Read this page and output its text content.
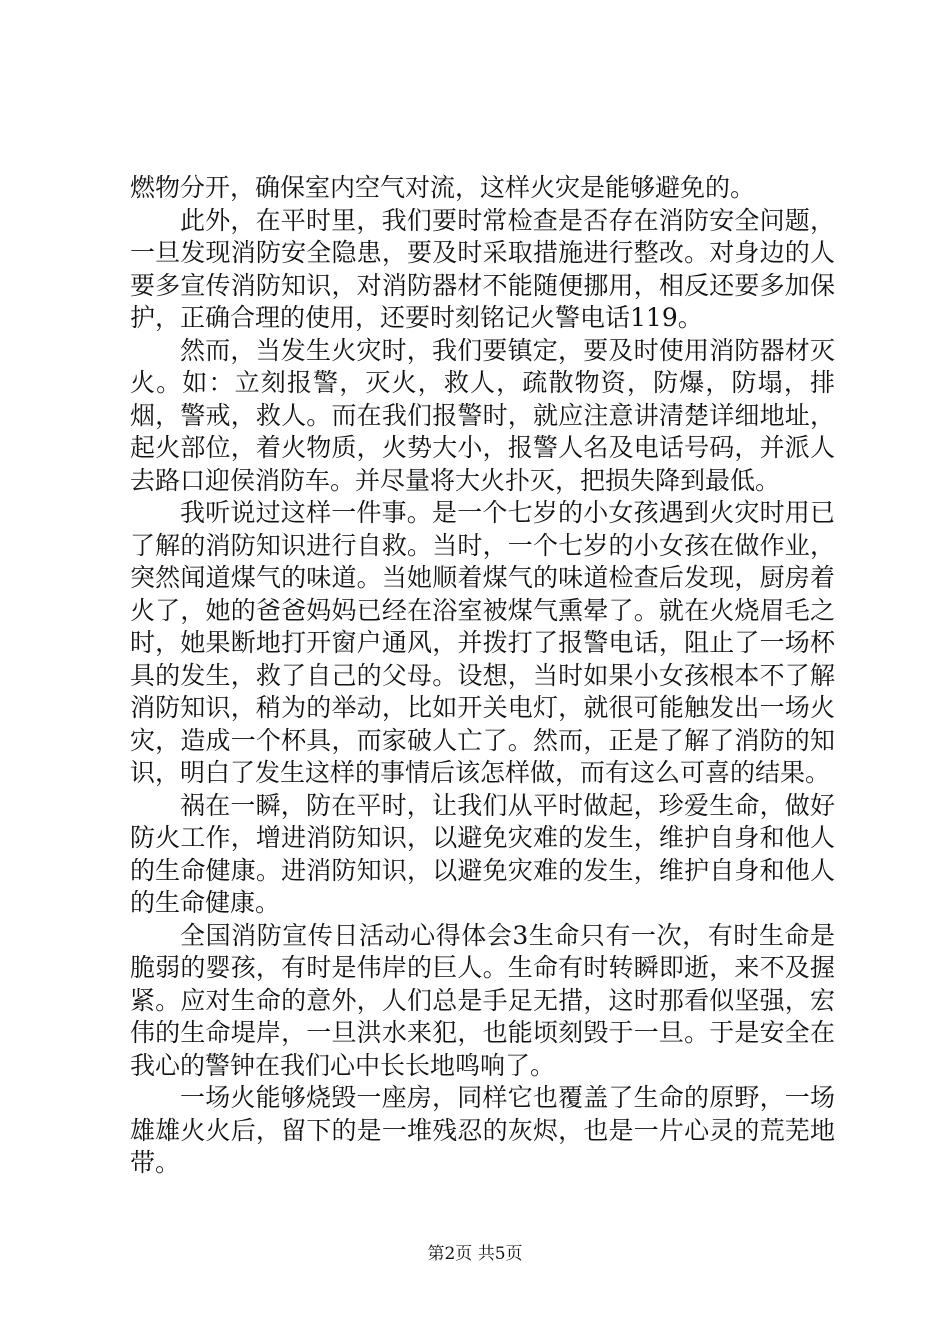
燃物分开，确保室内空气对流，这样火灾是能够避免的。

此外，在平时里，我们要时常检查是否存在消防安全问题，一旦发现消防安全隐患，要及时采取措施进行整改。对身边的人要多宣传消防知识，对消防器材不能随便挪用，相反还要多加保护，正确合理的使用，还要时刻铭记火警电话119。

然而，当发生火灾时，我们要镇定，要及时使用消防器材灭火。如：立刻报警，灭火，救人，疏散物资，防爆，防塌，排烟，警戒，救人。而在我们报警时，就应注意讲清楚详细地址，起火部位，着火物质，火势大小，报警人名及电话号码，并派人去路口迎侯消防车。并尽量将大火扑灭，把损失降到最低。

我听说过这样一件事。是一个七岁的小女孩遇到火灾时用已了解的消防知识进行自救。当时，一个七岁的小女孩在做作业，突然闻道煤气的味道。当她顺着煤气的味道检查后发现，厨房着火了，她的爸爸妈妈已经在浴室被煤气熏晕了。就在火烧眉毛之时，她果断地打开窗户通风，并拨打了报警电话，阻止了一场杯具的发生，救了自己的父母。设想，当时如果小女孩根本不了解消防知识，稍为的举动，比如开关电灯，就很可能触发出一场火灾，造成一个杯具，而家破人亡了。然而，正是了解了消防的知识，明白了发生这样的事情后该怎样做，而有这么可喜的结果。

祸在一瞬，防在平时，让我们从平时做起，珍爱生命，做好防火工作，增进消防知识，以避免灾难的发生，维护自身和他人的生命健康。进消防知识，以避免灾难的发生，维护自身和他人的生命健康。

全国消防宣传日活动心得体会3生命只有一次，有时生命是脆弱的婴孩，有时是伟岸的巨人。生命有时转瞬即逝，来不及握紧。应对生命的意外，人们总是手足无措，这时那看似坚强，宏伟的生命堤岸，一旦洪水来犯，也能顷刻毁于一旦。于是安全在我心的警钟在我们心中长长地鸣响了。

一场火能够烧毁一座房，同样它也覆盖了生命的原野，一场雄雄火火后，留下的是一堆残忍的灰烬，也是一片心灵的荒芜地带。

第2页 共5页
